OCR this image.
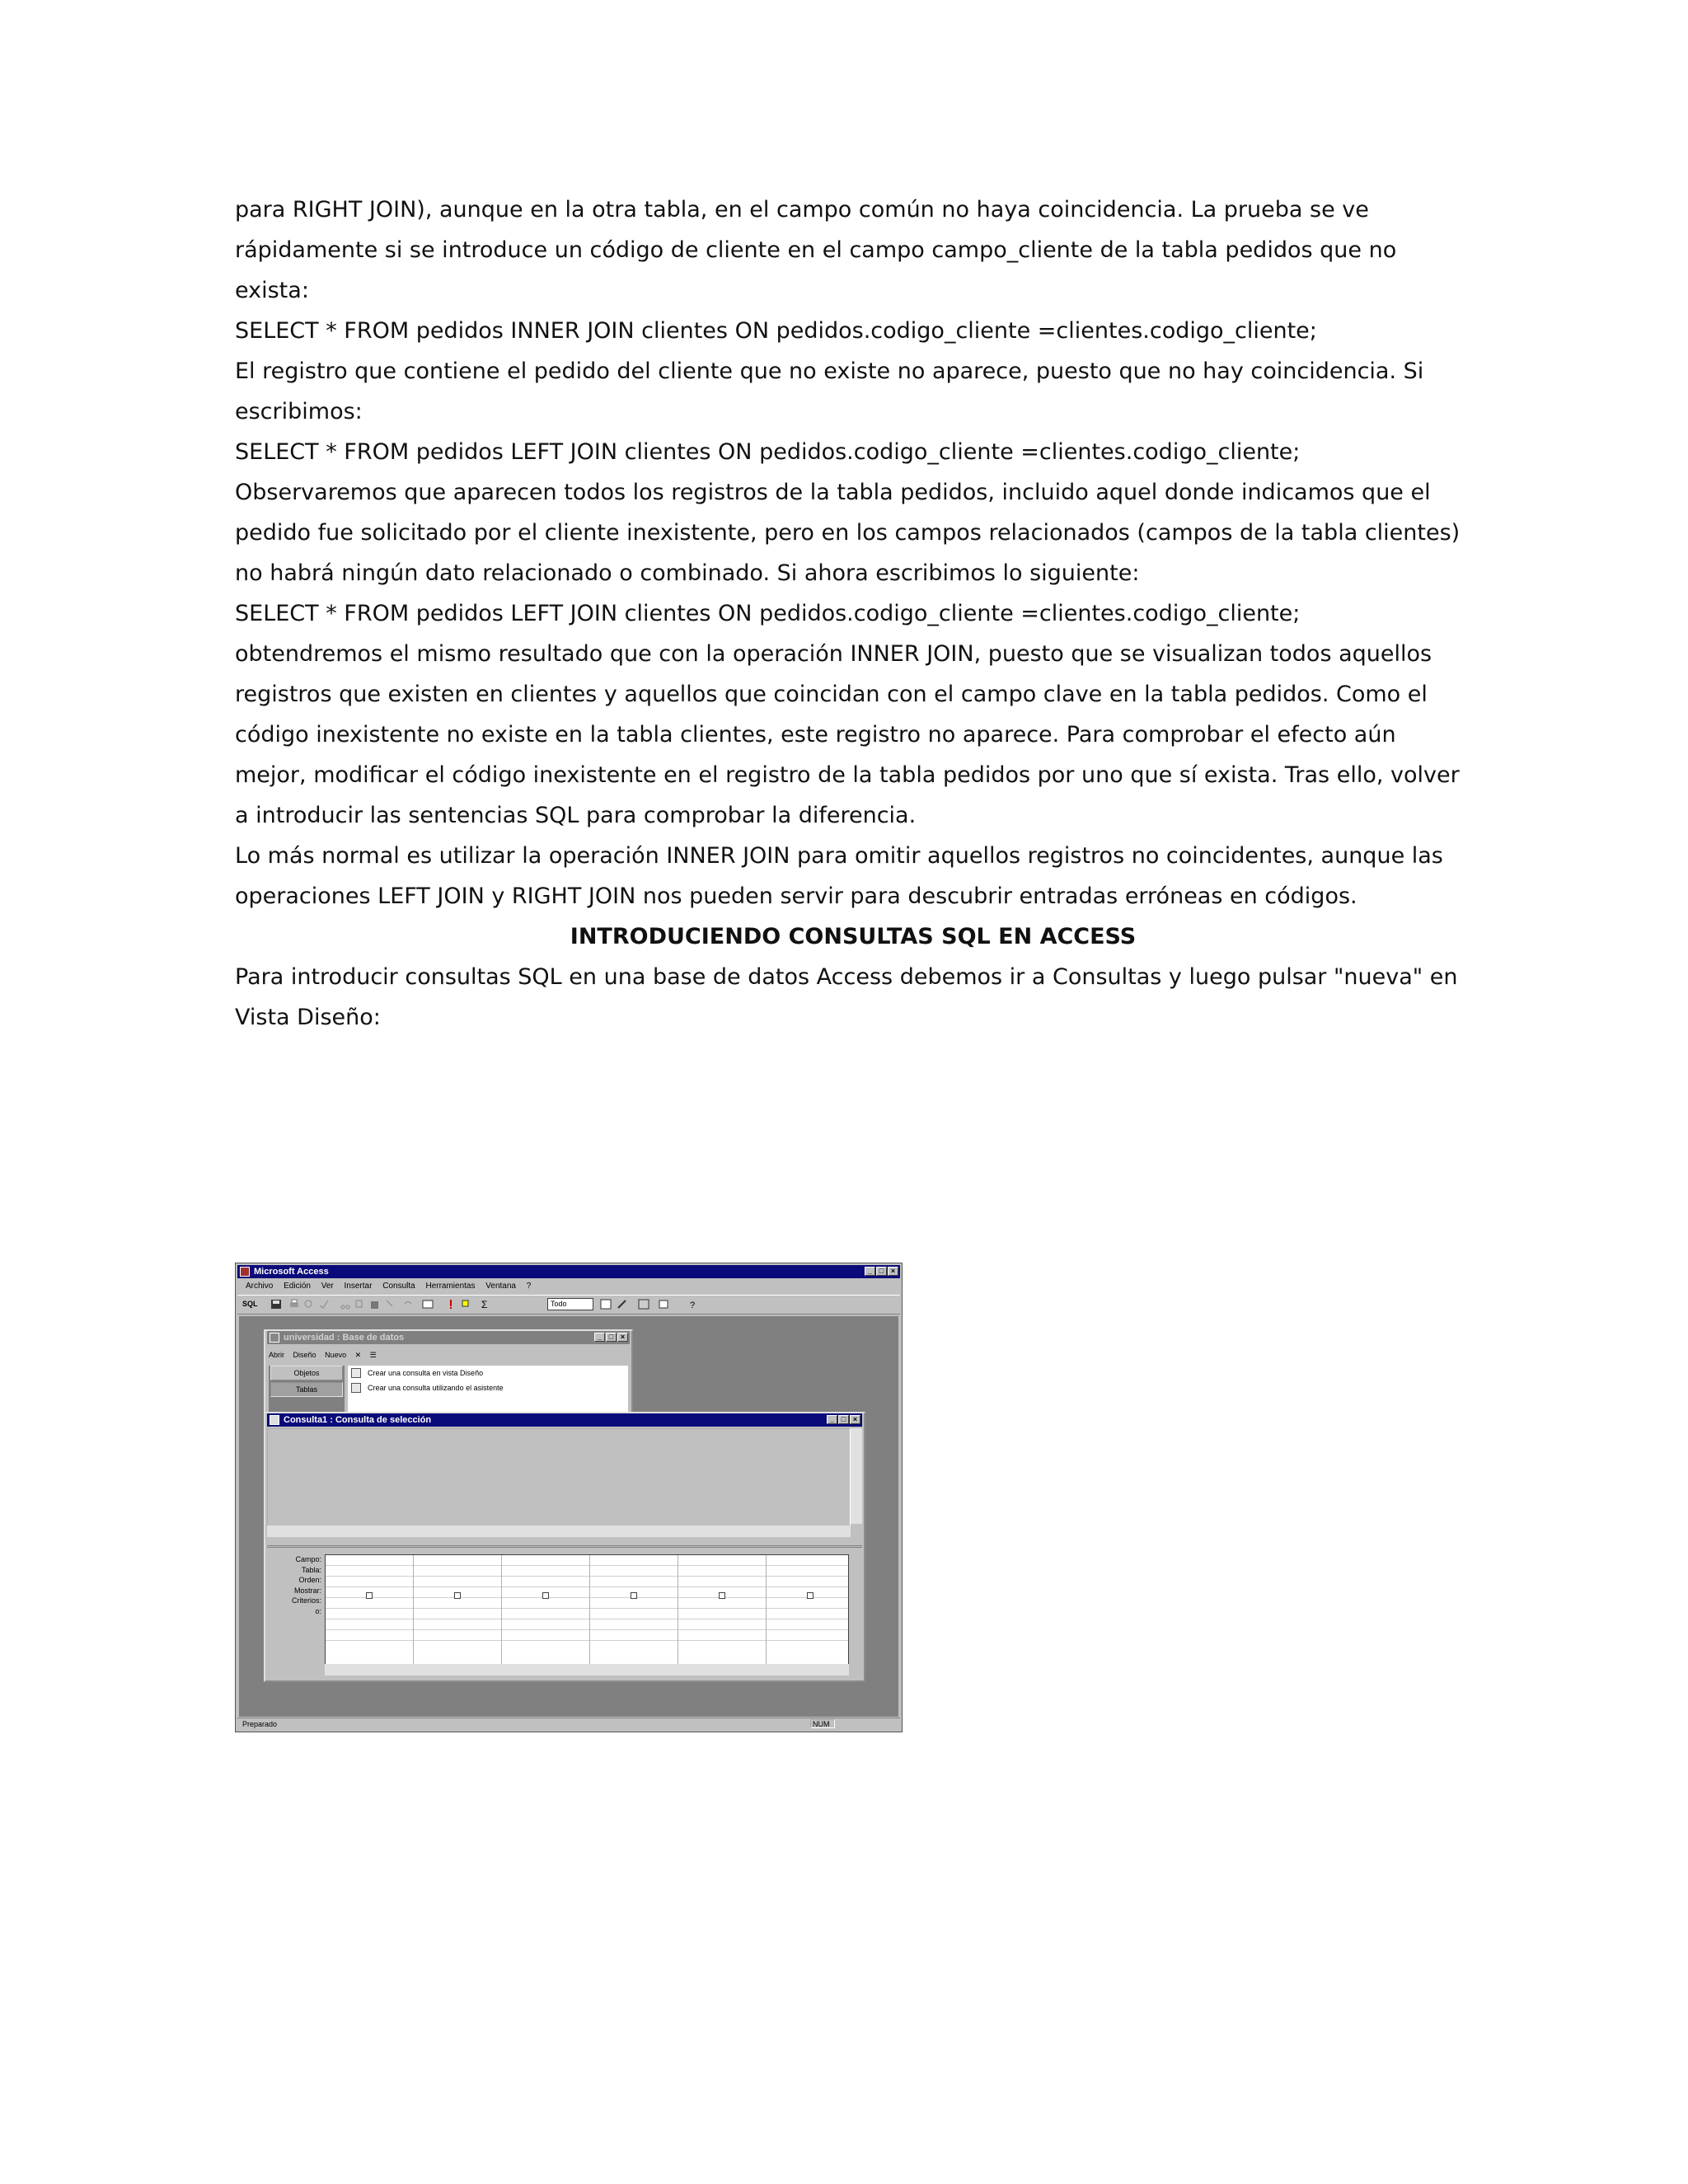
para RIGHT JOIN), aunque en la otra tabla, en el campo común no haya coincidencia. La prueba se ve rápidamente si se introduce un código de cliente en el campo campo_cliente de la tabla pedidos que no exista:

SELECT * FROM pedidos INNER JOIN clientes ON pedidos.codigo_cliente =clientes.codigo_cliente;

El registro que contiene el pedido del cliente que no existe no aparece, puesto que no hay coincidencia. Si escribimos:

SELECT * FROM pedidos LEFT JOIN clientes ON pedidos.codigo_cliente =clientes.codigo_cliente;

Observaremos que aparecen todos los registros de la tabla pedidos, incluido aquel donde indicamos que el pedido fue solicitado por el cliente inexistente, pero en los campos relacionados (campos de la tabla clientes) no habrá ningún dato relacionado o combinado. Si ahora escribimos lo siguiente:

SELECT * FROM pedidos LEFT JOIN clientes ON pedidos.codigo_cliente =clientes.codigo_cliente;

obtendremos el mismo resultado que con la operación INNER JOIN, puesto que se visualizan todos aquellos registros que existen en clientes y aquellos que coincidan con el campo clave en la tabla pedidos. Como el código inexistente no existe en la tabla clientes, este registro no aparece. Para comprobar el efecto aún mejor, modificar el código inexistente en el registro de la tabla pedidos por uno que sí exista. Tras ello, volver a introducir las sentencias SQL para comprobar la diferencia.

Lo más normal es utilizar la operación INNER JOIN para omitir aquellos registros no coincidentes, aunque las operaciones LEFT JOIN y RIGHT JOIN nos pueden servir para descubrir entradas erróneas en códigos.

INTRODUCIENDO CONSULTAS SQL EN ACCESS

Para introducir consultas SQL en una base de datos Access debemos ir a Consultas y luego pulsar "nueva" en Vista Diseño:

Microsoft Access	_ □ ×
Archivo Edición Ver Insertar Consulta Herramientas Ventana ?
SQL	Σ	Todo	?
universidad : Base de datos	_ □ ×
Abrir Diseño Nuevo ✕ ☰
Objetos
Tablas
Crear una consulta en vista Diseño
Crear una consulta utilizando el asistente
Consulta1 : Consulta de selección	_ □ ×
Campo:
Tabla:
Orden:
Mostrar:
Criterios:
o:
Preparado	NUM
